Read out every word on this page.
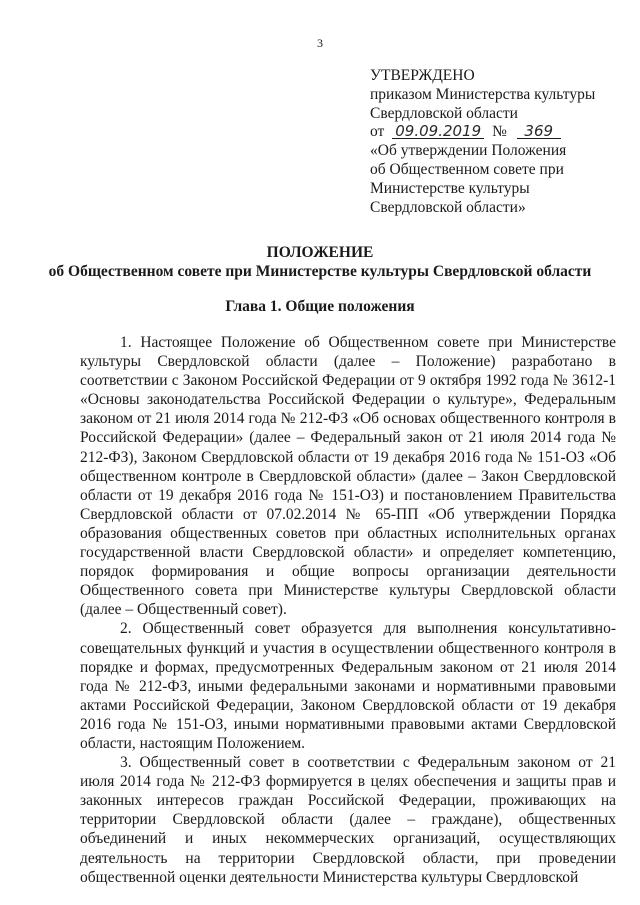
3
УТВЕРЖДЕНО
приказом Министерства культуры
Свердловской области
от 09.09.2019 № 369
«Об утверждении Положения
об Общественном совете при
Министерстве культуры
Свердловской области»
ПОЛОЖЕНИЕ
об Общественном совете при Министерстве культуры Свердловской области
Глава 1. Общие положения

1. Настоящее Положение об Общественном совете при Министерстве культуры Свердловской области (далее – Положение) разработано в соответствии с Законом Российской Федерации от 9 октября 1992 года № 3612-1 «Основы законодательства Российской Федерации о культуре», Федеральным законом от 21 июля 2014 года № 212-ФЗ «Об основах общественного контроля в Российской Федерации» (далее – Федеральный закон от 21 июля 2014 года № 212-ФЗ), Законом Свердловской области от 19 декабря 2016 года № 151-ОЗ «Об общественном контроле в Свердловской области» (далее – Закон Свердловской области от 19 декабря 2016 года № 151-ОЗ) и постановлением Правительства Свердловской области от 07.02.2014 № 65-ПП «Об утверждении Порядка образования общественных советов при областных исполнительных органах государственной власти Свердловской области» и определяет компетенцию, порядок формирования и общие вопросы организации деятельности Общественного совета при Министерстве культуры Свердловской области (далее – Общественный совет).

2. Общественный совет образуется для выполнения консультативно-совещательных функций и участия в осуществлении общественного контроля в порядке и формах, предусмотренных Федеральным законом от 21 июля 2014 года № 212-ФЗ, иными федеральными законами и нормативными правовыми актами Российской Федерации, Законом Свердловской области от 19 декабря 2016 года № 151-ОЗ, иными нормативными правовыми актами Свердловской области, настоящим Положением.

3. Общественный совет в соответствии с Федеральным законом от 21 июля 2014 года № 212-ФЗ формируется в целях обеспечения и защиты прав и законных интересов граждан Российской Федерации, проживающих на территории Свердловской области (далее – граждане), общественных объединений и иных некоммерческих организаций, осуществляющих деятельность на территории Свердловской области, при проведении общественной оценки деятельности Министерства культуры Свердловской
